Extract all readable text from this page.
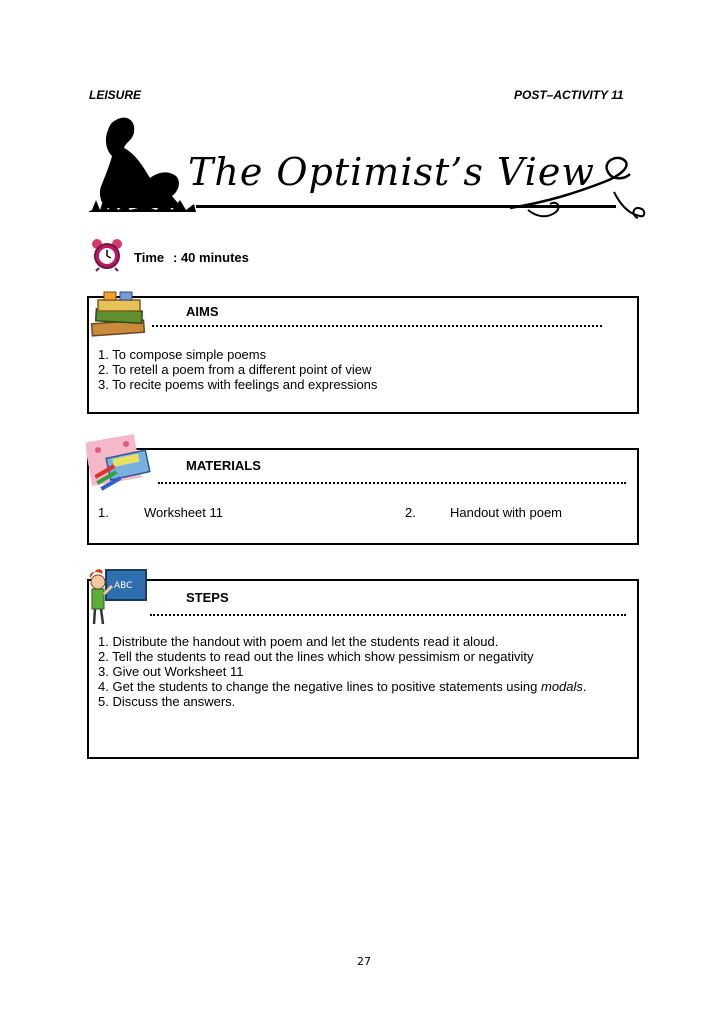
LEISURE	POST–ACTIVITY 11
The Optimist’s View
Time : 40 minutes
AIMS
1. To compose simple poems
2. To retell a poem from a different point of view
3. To recite poems with feelings and expressions
MATERIALS
1.	Worksheet 11	2.	Handout with poem
ABC
STEPS
1. Distribute the handout with poem and let the students read it aloud.
2. Tell the students to read out the lines which show pessimism or negativity
3. Give out Worksheet 11
4. Get the students to change the negative lines to positive statements using modals.
5. Discuss the answers.
27
